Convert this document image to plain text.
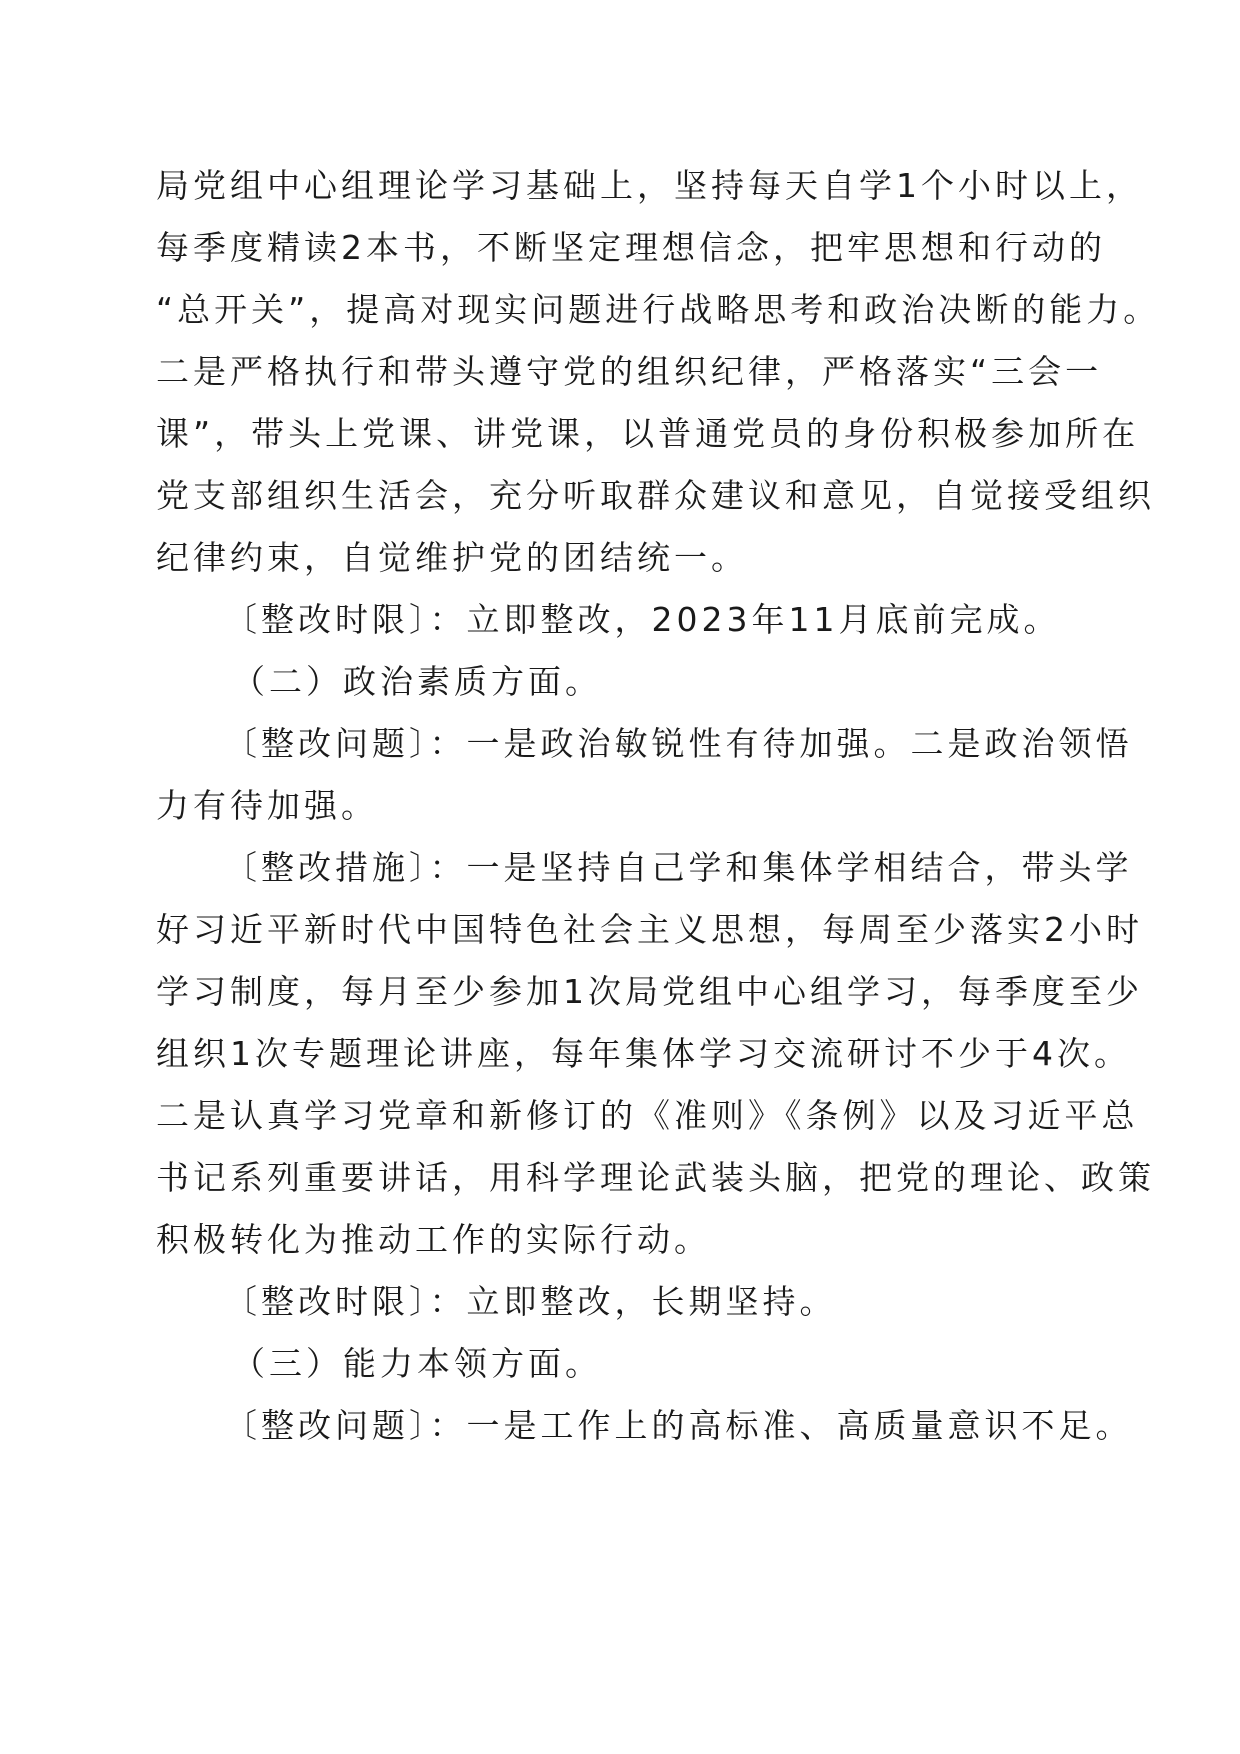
局党组中心组理论学习基础上，坚持每天自学1个小时以上，
每季度精读2本书，不断坚定理想信念，把牢思想和行动的
“总开关”，提高对现实问题进行战略思考和政治决断的能力。
二是严格执行和带头遵守党的组织纪律，严格落实“三会一
课”，带头上党课、讲党课，以普通党员的身份积极参加所在
党支部组织生活会，充分听取群众建议和意见，自觉接受组织
纪律约束，自觉维护党的团结统一。
〔整改时限〕：立即整改，2023年11月底前完成。
（二）政治素质方面。
〔整改问题〕：一是政治敏锐性有待加强。二是政治领悟
力有待加强。
〔整改措施〕：一是坚持自己学和集体学相结合，带头学
好习近平新时代中国特色社会主义思想，每周至少落实2小时
学习制度，每月至少参加1次局党组中心组学习，每季度至少
组织1次专题理论讲座，每年集体学习交流研讨不少于4次。
二是认真学习党章和新修订的《准则》《条例》以及习近平总
书记系列重要讲话，用科学理论武装头脑，把党的理论、政策
积极转化为推动工作的实际行动。
〔整改时限〕：立即整改，长期坚持。
（三）能力本领方面。
〔整改问题〕：一是工作上的高标准、高质量意识不足。
